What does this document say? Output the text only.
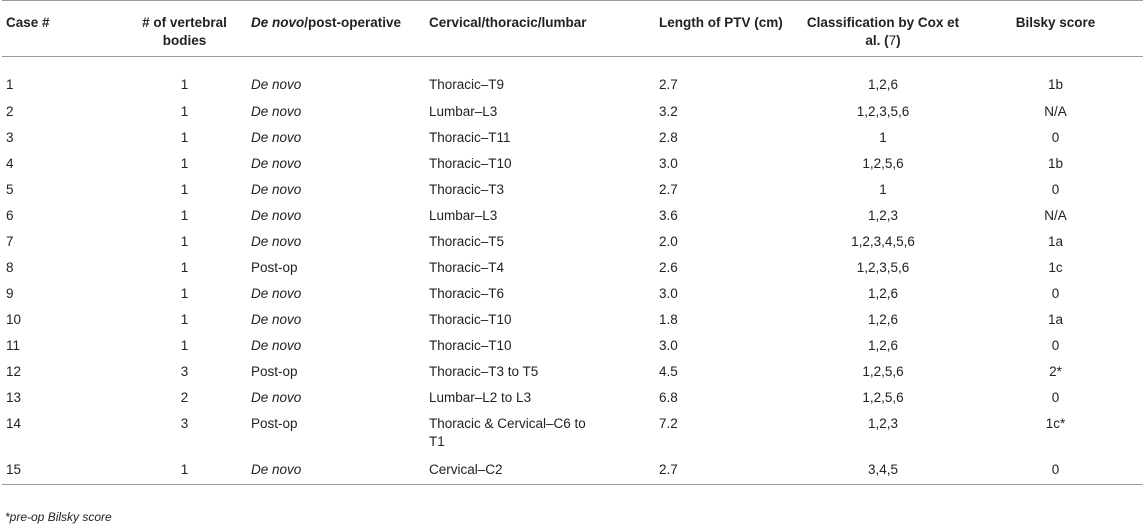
Case #	# of vertebral bodies	De novo/post-operative	Cervical/thoracic/lumbar	Length of PTV (cm)	Classification by Cox et al. (7)	Bilsky score
1	1	De novo	Thoracic–T9	2.7	1,2,6	1b
2	1	De novo	Lumbar–L3	3.2	1,2,3,5,6	N/A
3	1	De novo	Thoracic–T11	2.8	1	0
4	1	De novo	Thoracic–T10	3.0	1,2,5,6	1b
5	1	De novo	Thoracic–T3	2.7	1	0
6	1	De novo	Lumbar–L3	3.6	1,2,3	N/A
7	1	De novo	Thoracic–T5	2.0	1,2,3,4,5,6	1a
8	1	Post-op	Thoracic–T4	2.6	1,2,3,5,6	1c
9	1	De novo	Thoracic–T6	3.0	1,2,6	0
10	1	De novo	Thoracic–T10	1.8	1,2,6	1a
11	1	De novo	Thoracic–T10	3.0	1,2,6	0
12	3	Post-op	Thoracic–T3 to T5	4.5	1,2,5,6	2*
13	2	De novo	Lumbar–L2 to L3	6.8	1,2,5,6	0
14	3	Post-op	Thoracic & Cervical–C6 to T1	7.2	1,2,3	1c*
15	1	De novo	Cervical–C2	2.7	3,4,5	0
*pre-op Bilsky score
